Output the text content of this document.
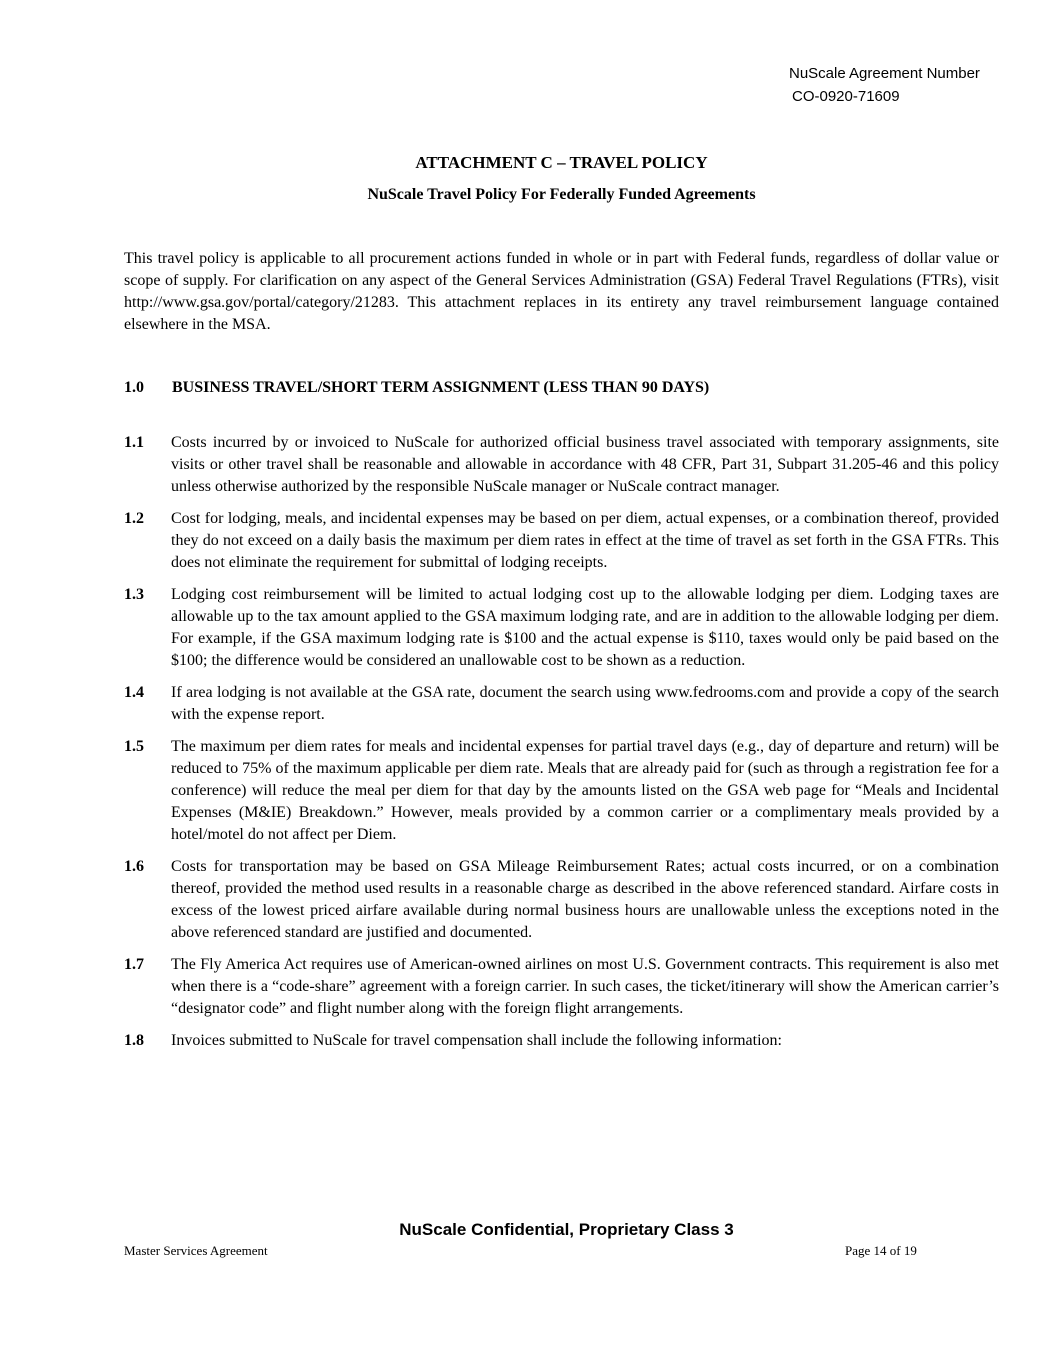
NuScale Agreement Number
CO-0920-71609
ATTACHMENT C – TRAVEL POLICY
NuScale Travel Policy For Federally Funded Agreements

This travel policy is applicable to all procurement actions funded in whole or in part with Federal funds, regardless of dollar value or scope of supply. For clarification on any aspect of the General Services Administration (GSA) Federal Travel Regulations (FTRs), visit http://www.gsa.gov/portal/category/21283. This attachment replaces in its entirety any travel reimbursement language contained elsewhere in the MSA.

1.0 BUSINESS TRAVEL/SHORT TERM ASSIGNMENT (LESS THAN 90 DAYS)
1.1	Costs incurred by or invoiced to NuScale for authorized official business travel associated with temporary assignments, site visits or other travel shall be reasonable and allowable in accordance with 48 CFR, Part 31, Subpart 31.205-46 and this policy unless otherwise authorized by the responsible NuScale manager or NuScale contract manager.
1.2	Cost for lodging, meals, and incidental expenses may be based on per diem, actual expenses, or a combination thereof, provided they do not exceed on a daily basis the maximum per diem rates in effect at the time of travel as set forth in the GSA FTRs. This does not eliminate the requirement for submittal of lodging receipts.
1.3	Lodging cost reimbursement will be limited to actual lodging cost up to the allowable lodging per diem. Lodging taxes are allowable up to the tax amount applied to the GSA maximum lodging rate, and are in addition to the allowable lodging per diem. For example, if the GSA maximum lodging rate is $100 and the actual expense is $110, taxes would only be paid based on the $100; the difference would be considered an unallowable cost to be shown as a reduction.
1.4	If area lodging is not available at the GSA rate, document the search using www.fedrooms.com and provide a copy of the search with the expense report.
1.5	The maximum per diem rates for meals and incidental expenses for partial travel days (e.g., day of departure and return) will be reduced to 75% of the maximum applicable per diem rate. Meals that are already paid for (such as through a registration fee for a conference) will reduce the meal per diem for that day by the amounts listed on the GSA web page for “Meals and Incidental Expenses (M&IE) Breakdown.” However, meals provided by a common carrier or a complimentary meals provided by a hotel/motel do not affect per Diem.
1.6	Costs for transportation may be based on GSA Mileage Reimbursement Rates; actual costs incurred, or on a combination thereof, provided the method used results in a reasonable charge as described in the above referenced standard. Airfare costs in excess of the lowest priced airfare available during normal business hours are unallowable unless the exceptions noted in the above referenced standard are justified and documented.
1.7	The Fly America Act requires use of American-owned airlines on most U.S. Government contracts. This requirement is also met when there is a “code-share” agreement with a foreign carrier. In such cases, the ticket/itinerary will show the American carrier’s “designator code” and flight number along with the foreign flight arrangements.
1.8	Invoices submitted to NuScale for travel compensation shall include the following information:
NuScale Confidential, Proprietary Class 3
Master Services Agreement	Page 14 of 19
